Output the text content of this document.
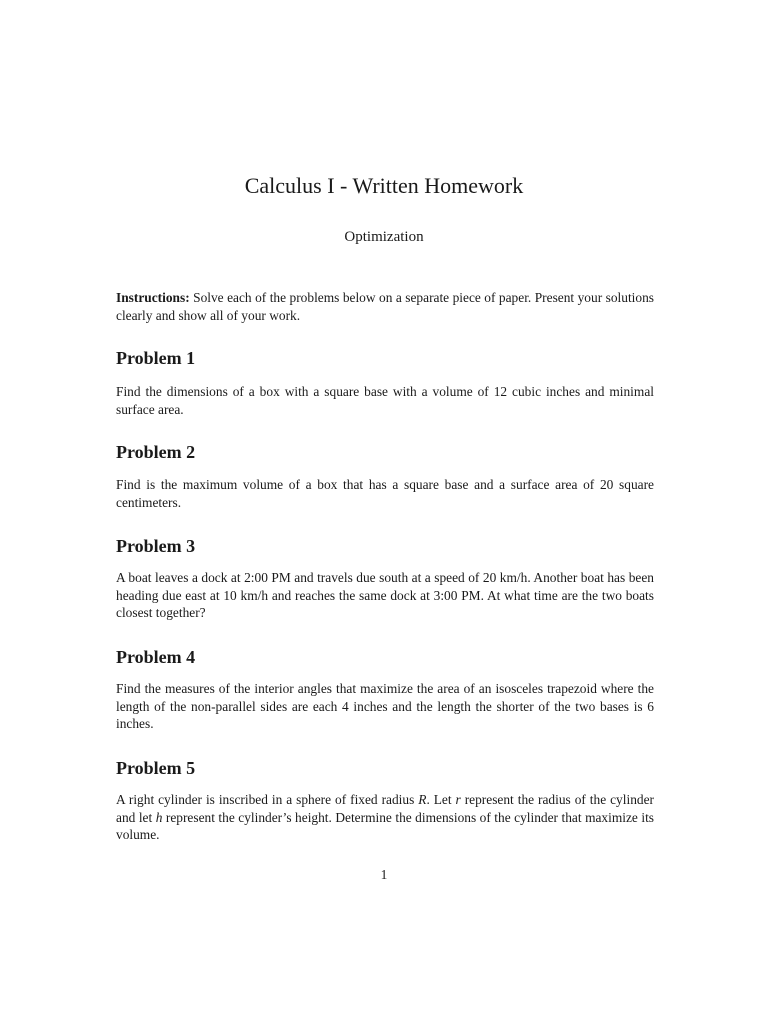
Calculus I - Written Homework
Optimization

Instructions: Solve each of the problems below on a separate piece of paper. Present your solutions clearly and show all of your work.

Problem 1

Find the dimensions of a box with a square base with a volume of 12 cubic inches and minimal surface area.

Problem 2

Find is the maximum volume of a box that has a square base and a surface area of 20 square centimeters.

Problem 3

A boat leaves a dock at 2:00 PM and travels due south at a speed of 20 km/h. Another boat has been heading due east at 10 km/h and reaches the same dock at 3:00 PM. At what time are the two boats closest together?

Problem 4

Find the measures of the interior angles that maximize the area of an isosceles trapezoid where the length of the non-parallel sides are each 4 inches and the length the shorter of the two bases is 6 inches.

Problem 5

A right cylinder is inscribed in a sphere of fixed radius R. Let r represent the radius of the cylinder and let h represent the cylinder’s height. Determine the dimensions of the cylinder that maximize its volume.

1
